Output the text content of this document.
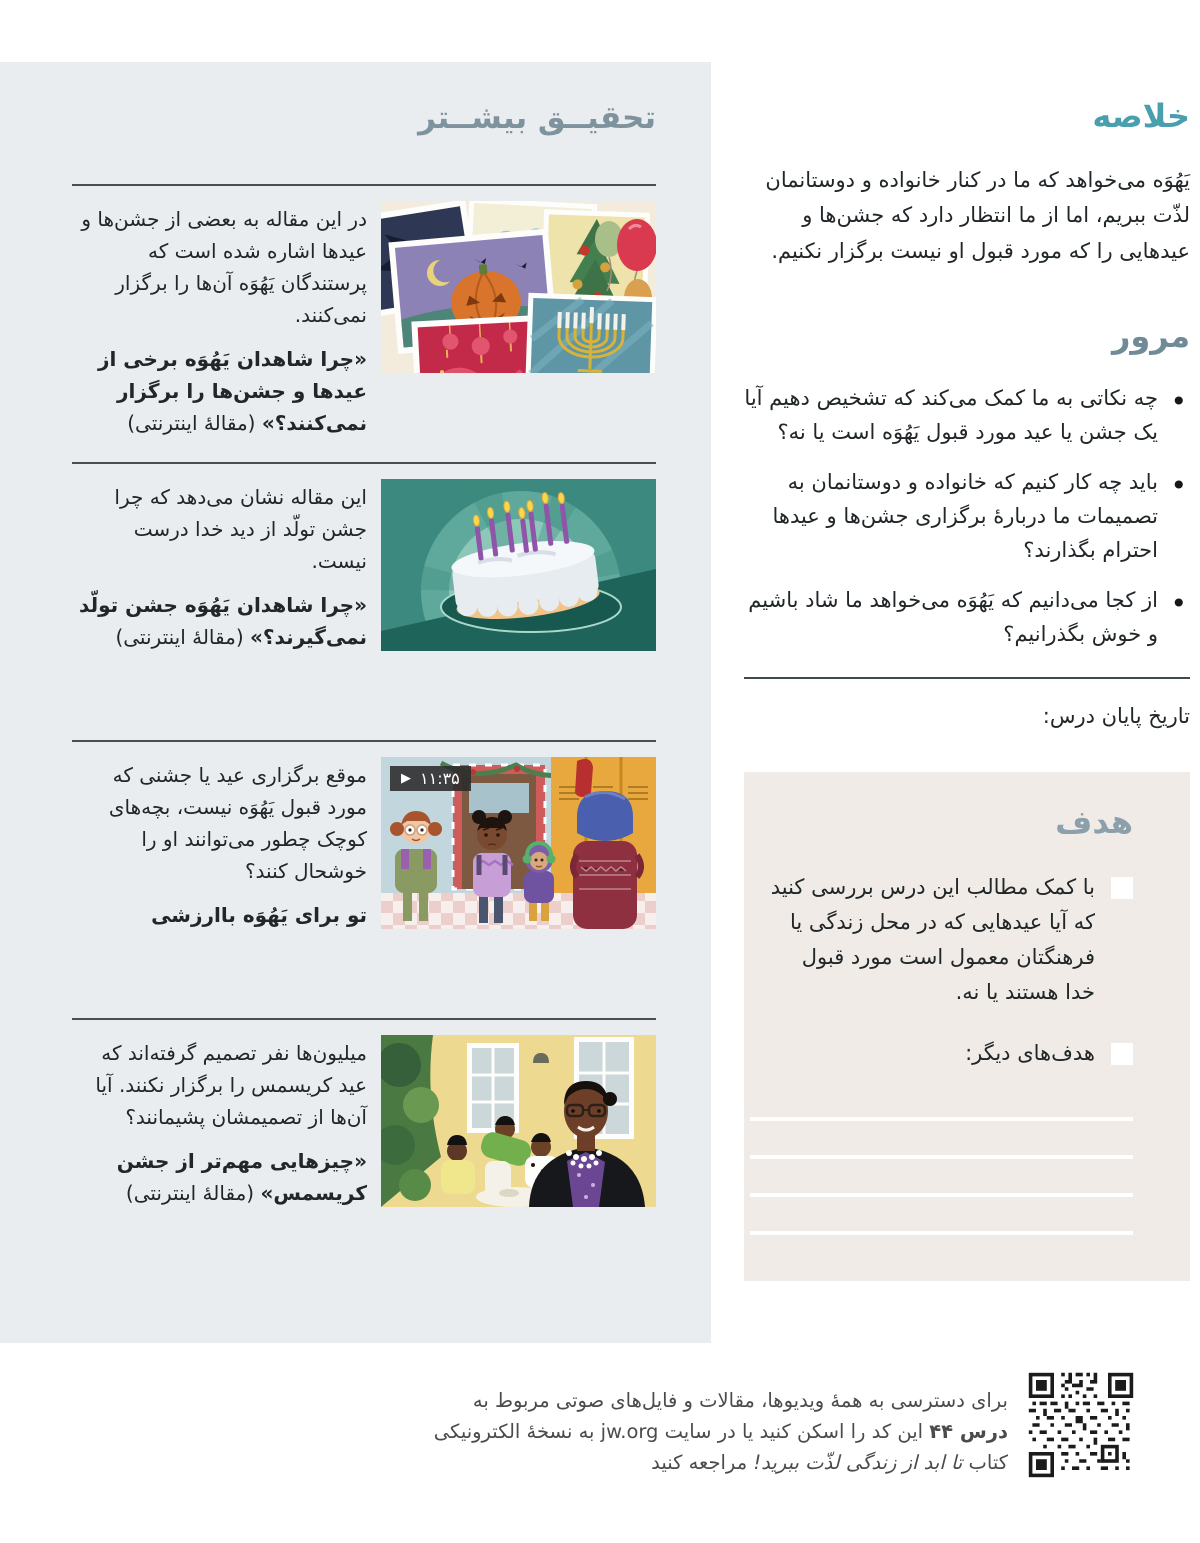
تحقیــق بیشــتر

در این مقاله به بعضی از جشن‌ها و عیدها اشاره شده است که پرستندگان یَهُوَه آن‌ها را برگزار نمی‌کنند.

«چرا شاهدان یَهُوَه برخی از عیدها و جشن‌ها را برگزار نمی‌کنند؟» (مقالهٔ اینترنتی)

این مقاله نشان می‌دهد که چرا جشن تولّد از دید خدا درست نیست.

«چرا شاهدان یَهُوَه جشن تولّد نمی‌گیرند؟» (مقالهٔ اینترنتی)

▶ ۱۱:۳۵

موقع برگزاری عید یا جشنی که مورد قبول یَهُوَه نیست، بچه‌های کوچک چطور می‌توانند او را خوشحال کنند؟

تو برای یَهُوَه باارزشی

میلیون‌ها نفر تصمیم گرفته‌اند که عید کریسمس را برگزار نکنند. آیا آن‌ها از تصمیمشان پشیمانند؟

«چیزهایی مهم‌تر از جشن کریسمس» (مقالهٔ اینترنتی)

خلاصه

یَهُوَه می‌خواهد که ما در کنار خانواده و دوستانمان لذّت ببریم، اما از ما انتظار دارد که جشن‌ها و عیدهایی را که مورد قبول او نیست برگزار نکنیم.

مرور
• چه نکاتی به ما کمک می‌کند که تشخیص دهیم آیا یک جشن یا عید مورد قبول یَهُوَه است یا نه؟
• باید چه کار کنیم که خانواده و دوستانمان به تصمیمات ما دربارهٔ برگزاری جشن‌ها و عیدها احترام بگذارند؟
• از کجا می‌دانیم که یَهُوَه می‌خواهد ما شاد باشیم و خوش بگذرانیم؟

تاریخ پایان درس:

هدف
با کمک مطالب این درس بررسی کنید که آیا عیدهایی که در محل زندگی یا فرهنگتان معمول است مورد قبول خدا هستند یا نه.
هدف‌های دیگر:

برای دسترسی به همهٔ ویدیوها، مقالات و فایل‌های صوتی مربوط به

درس ۴۴ این کد را اسکن کنید یا در سایت jw.org به نسخهٔ الکترونیکی

کتاب تا ابد از زندگی لذّت ببرید! مراجعه کنید
